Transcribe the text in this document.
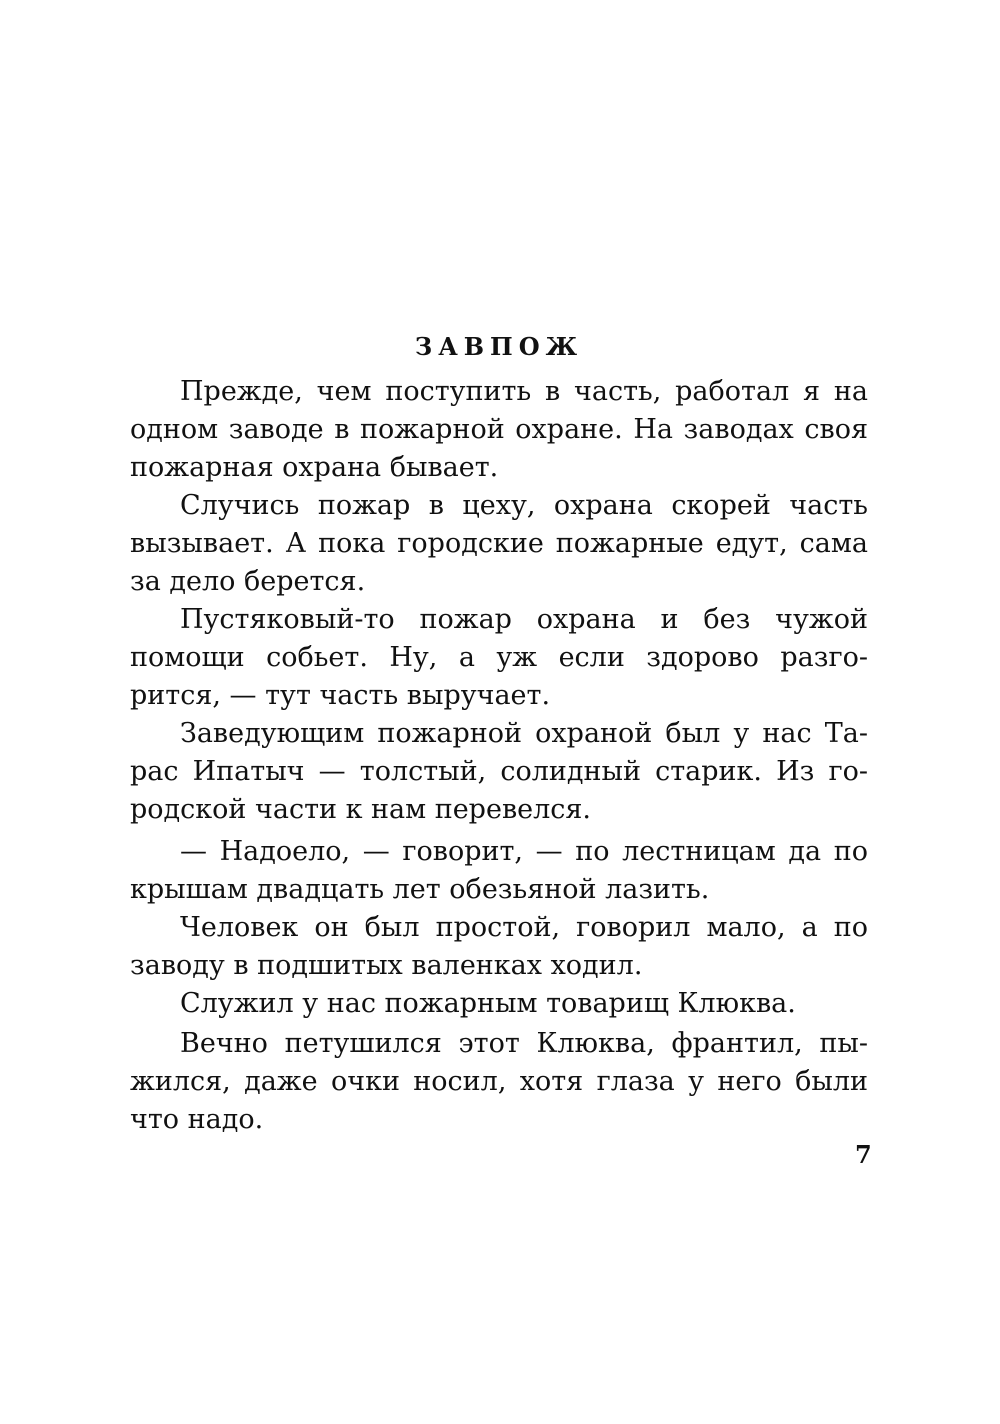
ЗАВПОЖ
Прежде, чем поступить в часть, работал я на
одном заводе в пожарной охране. На заводах своя
пожарная охрана бывает.
Случись пожар в цеху, охрана скорей часть
вызывает. А пока городские пожарные едут, сама
за дело берется.
Пустяковый-то пожар охрана и без чужой
помощи собьет. Ну, а уж если здорово разго-
рится, — тут часть выручает.
Заведующим пожарной охраной был у нас Та-
рас Ипатыч — толстый, солидный старик. Из го-
родской части к нам перевелся.
— Надоело, — говорит, — по лестницам да по
крышам двадцать лет обезьяной лазить.
Человек он был простой, говорил мало, а по
заводу в подшитых валенках ходил.
Служил у нас пожарным товарищ Клюква.
Вечно петушился этот Клюква, франтил, пы-
жился, даже очки носил, хотя глаза у него были
что надо.
7
